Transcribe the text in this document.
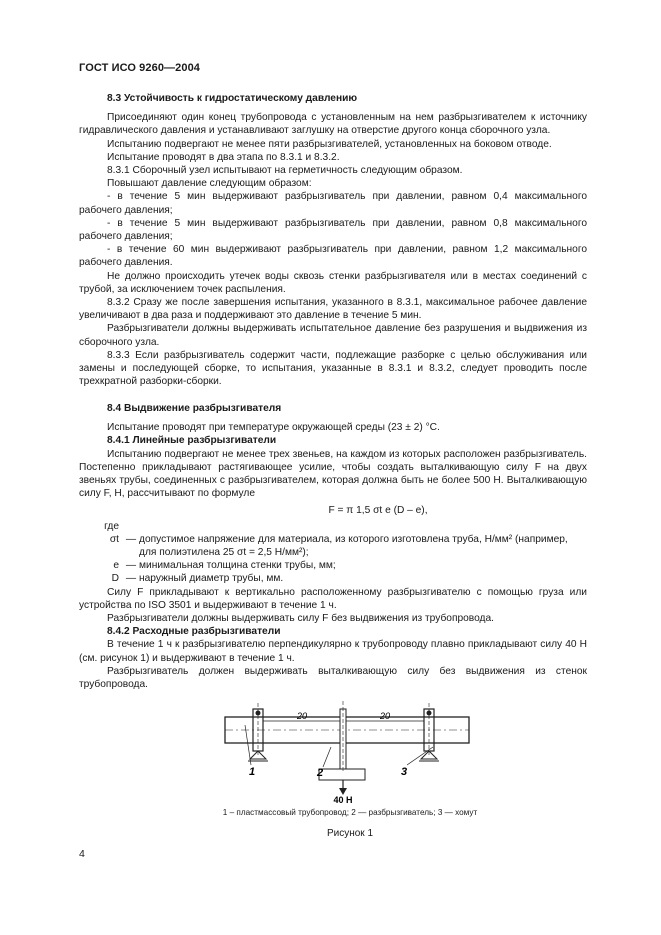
ГОСТ ИСО 9260—2004

8.3 Устойчивость к гидростатическому давлению

Присоединяют один конец трубопровода с установленным на нем разбрызгивателем к источнику гидравлического давления и устанавливают заглушку на отверстие другого конца сборочного узла.

Испытанию подвергают не менее пяти разбрызгивателей, установленных на боковом отводе.

Испытание проводят в два этапа по 8.3.1 и 8.3.2.

8.3.1 Сборочный узел испытывают на герметичность следующим образом.

Повышают давление следующим образом:

- в течение 5 мин выдерживают разбрызгиватель при давлении, равном 0,4 максимального рабочего давления;

- в течение 5 мин выдерживают разбрызгиватель при давлении, равном 0,8 максимального рабочего давления;

- в течение 60 мин выдерживают разбрызгиватель при давлении, равном 1,2 максимального рабочего давления.

Не должно происходить утечек воды сквозь стенки разбрызгивателя или в местах соединений с трубой, за исключением точек распыления.

8.3.2 Сразу же после завершения испытания, указанного в 8.3.1, максимальное рабочее давление увеличивают в два раза и поддерживают это давление в течение 5 мин.

Разбрызгиватели должны выдерживать испытательное давление без разрушения и выдвижения из сборочного узла.

8.3.3 Если разбрызгиватель содержит части, подлежащие разборке с целью обслуживания или замены и последующей сборке, то испытания, указанные в 8.3.1 и 8.3.2, следует проводить после трехкратной разборки-сборки.

8.4 Выдвижение разбрызгивателя

Испытание проводят при температуре окружающей среды (23 ± 2) °С.

8.4.1 Линейные разбрызгиватели

Испытанию подвергают не менее трех звеньев, на каждом из которых расположен разбрызгиватель. Постепенно прикладывают растягивающее усилие, чтобы создать выталкивающую силу F на двух звеньях трубы, соединенных с разбрызгивателем, которая должна быть не более 500 Н. Выталкивающую силу F, Н, рассчитывают по формуле

F = π 1,5 σt e (D – e),

где
σt — допустимое напряжение для материала, из которого изготовлена труба, Н/мм² (например, для полиэтилена 25 σt = 2,5 Н/мм²);
e — минимальная толщина стенки трубы, мм;
D — наружный диаметр трубы, мм.

Силу F прикладывают к вертикально расположенному разбрызгивателю с помощью груза или устройства по ISO 3501 и выдерживают в течение 1 ч.

Разбрызгиватели должны выдерживать силу F без выдвижения из трубопровода.

8.4.2 Расходные разбрызгиватели

В течение 1 ч к разбрызгивателю перпендикулярно к трубопроводу плавно прикладывают силу 40 Н (см. рисунок 1) и выдерживают в течение 1 ч.

Разбрызгиватель должен выдерживать выталкивающую силу без выдвижения из стенок трубопровода.

20	20
1	2	3
40 Н
1 – пластмассовый трубопровод; 2 — разбрызгиватель; 3 — хомут
Рисунок 1
4
